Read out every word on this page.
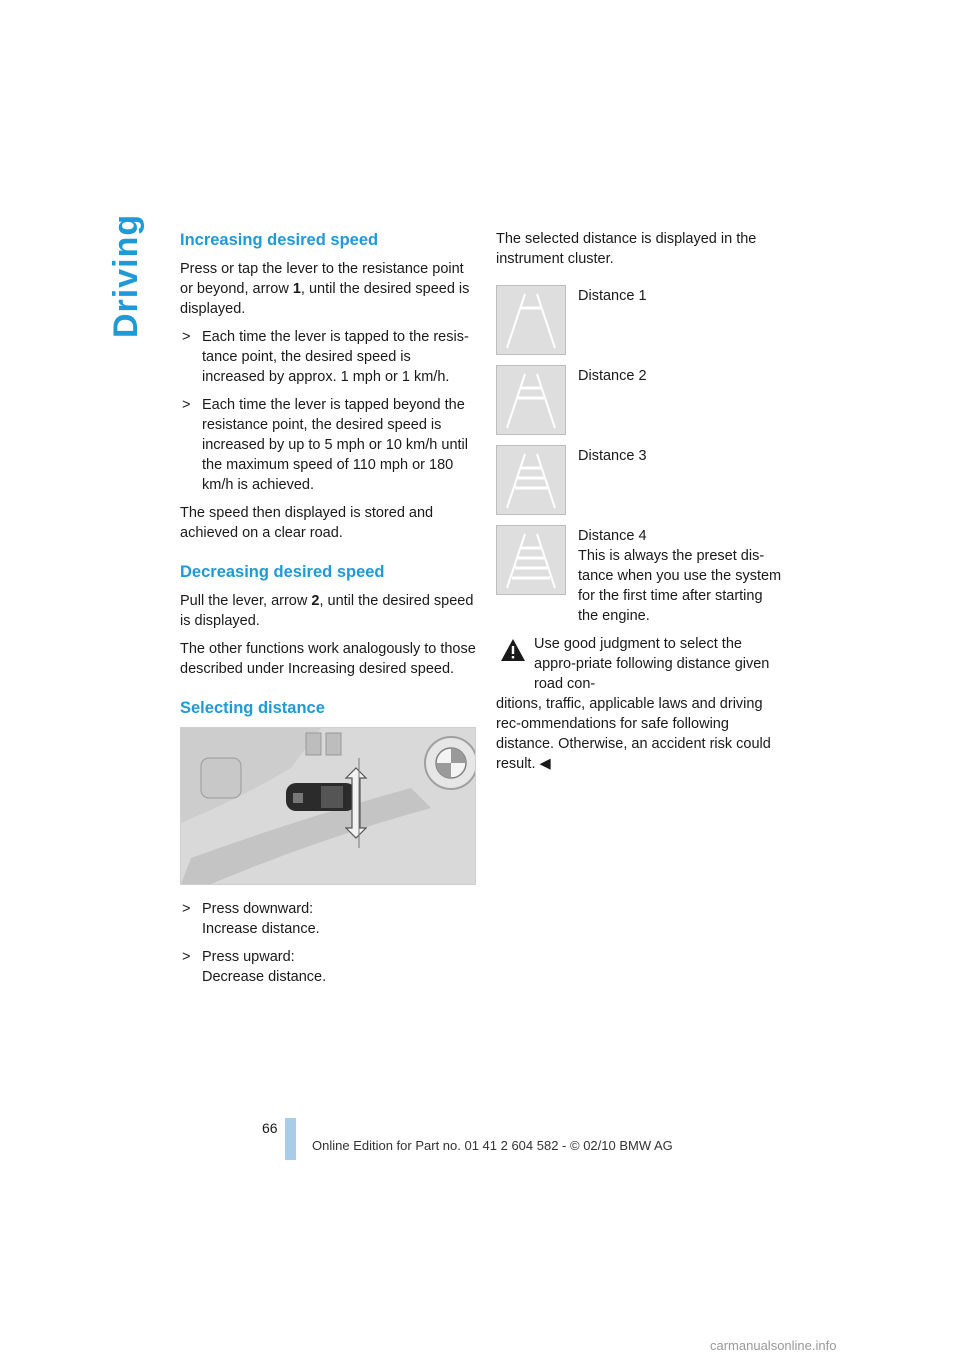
Driving	Increasing desired speed

Press or tap the lever to the resistance point or beyond, arrow 1, until the desired speed is displayed.

> Each time the lever is tapped to the resis-tance point, the desired speed is increased by approx. 1 mph or 1 km/h.
> Each time the lever is tapped beyond the resistance point, the desired speed is increased by up to 5 mph or 10 km/h until the maximum speed of 110 mph or 180 km/h is achieved.

The speed then displayed is stored and achieved on a clear road.

Decreasing desired speed

Pull the lever, arrow 2, until the desired speed is displayed.

The other functions work analogously to those described under Increasing desired speed.

Selecting distance
> Press downward:
Increase distance.
> Press upward:
Decrease distance.

The selected distance is displayed in the instrument cluster.

Distance 1
Distance 2
Distance 3
Distance 4
This is always the preset dis-tance when you use the system for the first time after starting the engine.
Use good judgment to select the appro-priate following distance given road con-
ditions, traffic, applicable laws and driving rec-ommendations for safe following distance. Otherwise, an accident risk could result. ◀
66
Online Edition for Part no. 01 41 2 604 582 - © 02/10 BMW AG
carmanualsonline.info
